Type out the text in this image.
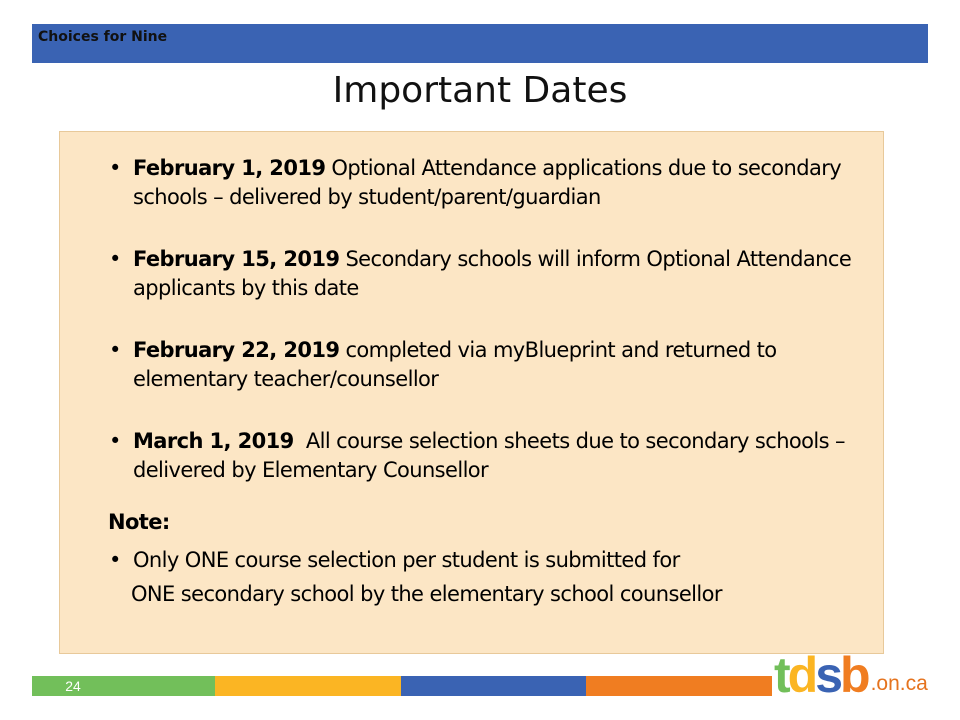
Choices for Nine
Important Dates
• February 1, 2019 Optional Attendance applications due to secondary schools – delivered by student/parent/guardian
• February 15, 2019 Secondary schools will inform Optional Attendance applicants by this date
• February 22, 2019 completed via myBlueprint and returned to elementary teacher/counsellor
• March 1, 2019  All course selection sheets due to secondary schools – delivered by Elementary Counsellor
Note:
• Only ONE course selection per student is submitted for
ONE secondary school by the elementary school counsellor
24	t d s b .on.ca
